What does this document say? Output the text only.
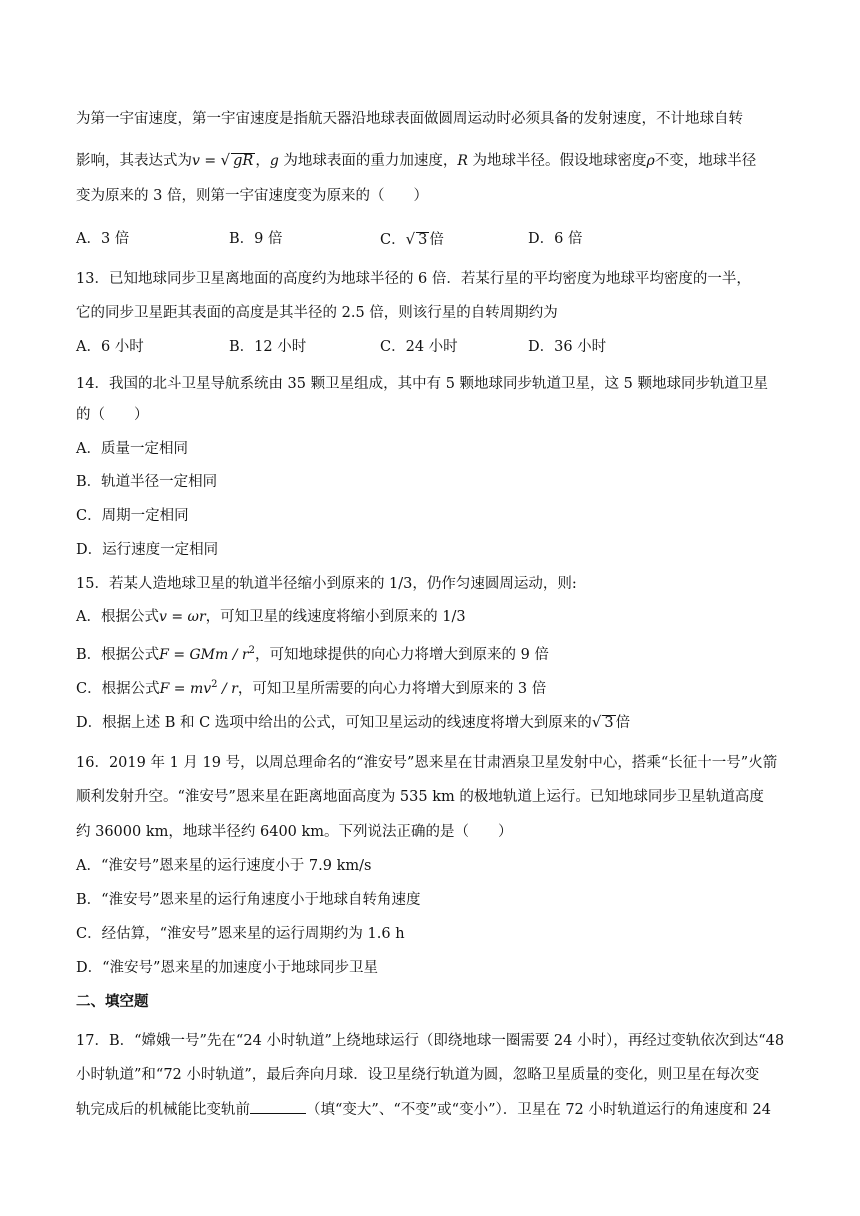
为第一宇宙速度，第一宇宙速度是指航天器沿地球表面做圆周运动时必须具备的发射速度，不计地球自转
影响，其表达式为v = √ gR ，g 为地球表面的重力加速度，R 为地球半径。假设地球密度ρ不变，地球半径
变为原来的 3 倍，则第一宇宙速度变为原来的（　　）
A．3 倍	B．9 倍	C．√ 3 倍	D．6 倍
13．已知地球同步卫星离地面的高度约为地球半径的 6 倍．若某行星的平均密度为地球平均密度的一半，
它的同步卫星距其表面的高度是其半径的 2.5 倍，则该行星的自转周期约为
A．6 小时	B．12 小时	C．24 小时	D．36 小时
14．我国的北斗卫星导航系统由 35 颗卫星组成，其中有 5 颗地球同步轨道卫星，这 5 颗地球同步轨道卫星
的（　　）
A．质量一定相同
B．轨道半径一定相同
C．周期一定相同
D．运行速度一定相同
15．若某人造地球卫星的轨道半径缩小到原来的 1/3，仍作匀速圆周运动，则:
A．根据公式v = ωr，可知卫星的线速度将缩小到原来的 1/3
B．根据公式F = GMm / $r^2$，可知地球提供的向心力将增大到原来的 9 倍
C．根据公式$F = mv^2 / r$，可知卫星所需要的向心力将增大到原来的 3 倍
D．根据上述 B 和 C 选项中给出的公式，可知卫星运动的线速度将增大到原来的√ 3 倍
16．2019 年 1 月 19 号，以周总理命名的“淮安号”恩来星在甘肃酒泉卫星发射中心，搭乘“长征十一号”火箭
顺利发射升空。“淮安号”恩来星在距离地面高度为 535 km 的极地轨道上运行。已知地球同步卫星轨道高度
约 36000 km，地球半径约 6400 km。下列说法正确的是（　　）
A．“淮安号”恩来星的运行速度小于 7.9 km/s
B．“淮安号”恩来星的运行角速度小于地球自转角速度
C．经估算，“淮安号”恩来星的运行周期约为 1.6 h
D．“淮安号”恩来星的加速度小于地球同步卫星
二、填空题
17．B．“嫦娥一号”先在“24 小时轨道”上绕地球运行（即绕地球一圈需要 24 小时），再经过变轨依次到达“48
小时轨道”和“72 小时轨道”，最后奔向月球．设卫星绕行轨道为圆，忽略卫星质量的变化，则卫星在每次变
轨完成后的机械能比变轨前	（填“变大”、“不变”或“变小”）．卫星在 72 小时轨道运行的角速度和 24
